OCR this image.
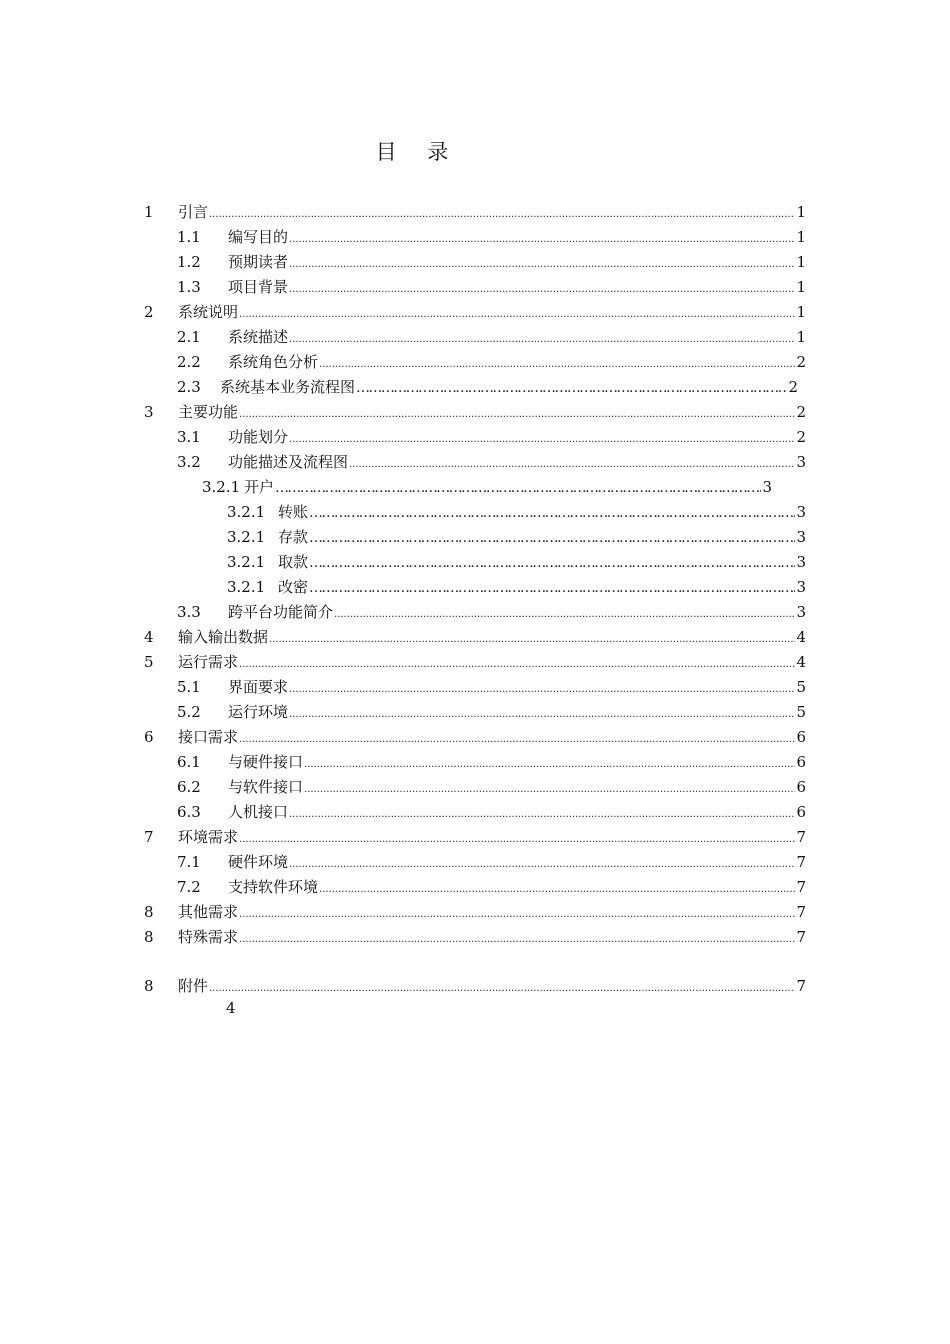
目 录
1 引言 .....	1
1.1 编写目的 .....	1
1.2 预期读者 .....	1
1.3 项目背景 .....	1
2 系统说明 .....	1
2.1 系统描述 .....	1
2.2 系统角色分析 .....	2
2.3 系统基本业务流程图 …………………………………………………………………………………………………………………………………………………………	2
3 主要功能 .....	2
3.1 功能划分 .....	2
3.2 功能描述及流程图 .....	3
3.2.1 开户 …………………………………………………………………………………………………………………………………………………………	3
3.2.1 转账 …………………………………………………………………………………………………………………………………………………………	3
3.2.1 存款 …………………………………………………………………………………………………………………………………………………………	3
3.2.1 取款 …………………………………………………………………………………………………………………………………………………………	3
3.2.1 改密 …………………………………………………………………………………………………………………………………………………………	3
3.3 跨平台功能简介 .....	3
4 输入输出数据 .....	4
5 运行需求 .....	4
5.1 界面要求 .....	5
5.2 运行环境 .....	5
6 接口需求 .....	6
6.1 与硬件接口 .....	6
6.2 与软件接口 .....	6
6.3 人机接口 .....	6
7 环境需求 .....	7
7.1 硬件环境 .....	7
7.2 支持软件环境 .....	7
8 其他需求 .....	7
8 特殊需求 .....	7
8 附件 .....	7
4
